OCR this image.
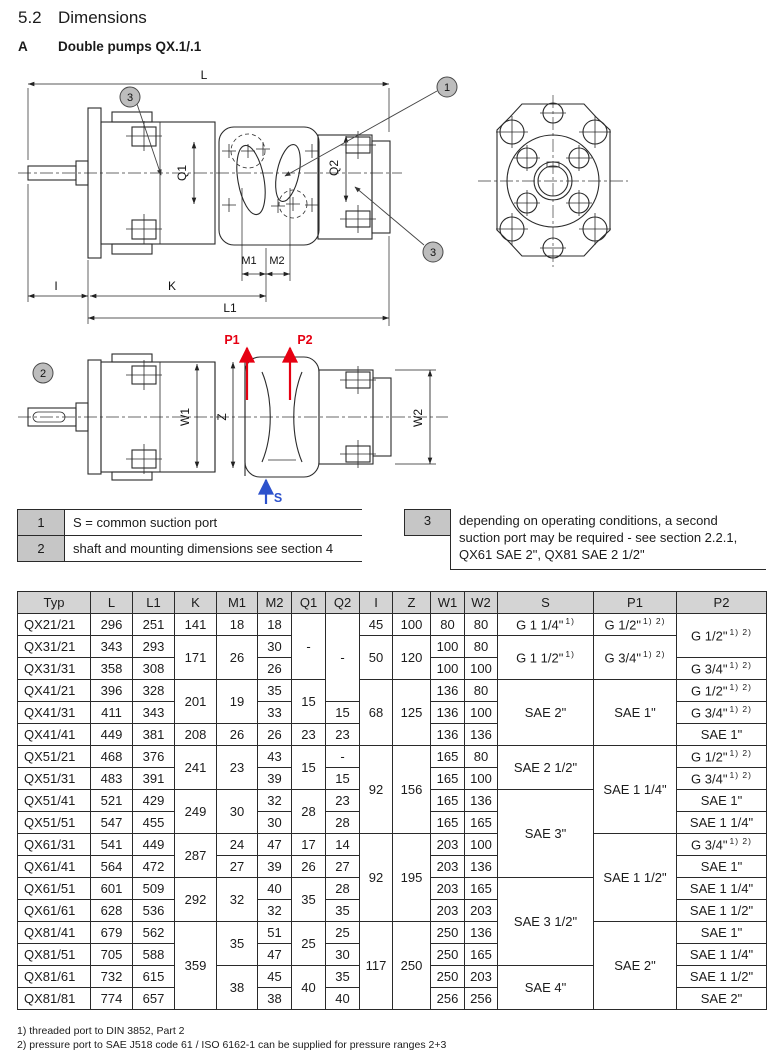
5.2 Dimensions
A Double pumps QX.1/.1
L
I	K
L1
M1 M2
Q1	Q2
3
1
3
W1 Z	W2
P1	P2
S
2
1	S = common suction port
2	shaft and mounting dimensions see section 4
3	depending on operating conditions, a second suction port may be required - see section 2.2.1, QX61 SAE 2", QX81 SAE 2 1/2"
Typ	L	L1	K	M1	M2	Q1	Q2	I	Z	W1	W2	S	P1	P2
QX21/21	296	251	141	18	18	-	-	45	100	80	80	G 1 1/4" $^{1)}$	G 1/2" $^{1) 2)}$	G 1/2" $^{1) 2)}$
QX31/21	343	293	171	26	30			50	120	100	80	G 1 1/2" $^{1)}$	G 3/4" $^{1) 2)}$
QX31/31	358	308			26					100	100			G 3/4" $^{1) 2)}$
QX41/21	396	328	201	19	35	15		68	125	136	80	SAE 2"	SAE 1"	G 1/2" $^{1) 2)}$
QX41/31	411	343			33		15			136	100			G 3/4" $^{1) 2)}$
QX41/41	449	381	208	26	26	23	23			136	136			SAE 1"
QX51/21	468	376	241	23	43	15	-	92	156	165	80	SAE 2 1/2"	SAE 1 1/4"	G 1/2" $^{1) 2)}$
QX51/31	483	391			39		15			165	100			G 3/4" $^{1) 2)}$
QX51/41	521	429	249	30	32	28	23			165	136	SAE 3"		SAE 1"
QX51/51	547	455			30		28			165	165			SAE 1 1/4"
QX61/31	541	449	287	24	47	17	14	92	195	203	100		SAE 1 1/2"	G 3/4" $^{1) 2)}$
QX61/41	564	472		27	39	26	27			203	136			SAE 1"
QX61/51	601	509	292	32	40	35	28			203	165	SAE 3 1/2"		SAE 1 1/4"
QX61/61	628	536			32		35			203	203			SAE 1 1/2"
QX81/41	679	562	359	35	51	25	25	117	250	250	136		SAE 2"	SAE 1"
QX81/51	705	588			47		30			250	165			SAE 1 1/4"
QX81/61	732	615		38	45	40	35			250	203	SAE 4"		SAE 1 1/2"
QX81/81	774	657			38		40			256	256			SAE 2"
1) threaded port to DIN 3852, Part 2
2) pressure port to SAE J518 code 61 / ISO 6162-1 can be supplied for pressure ranges 2+3
